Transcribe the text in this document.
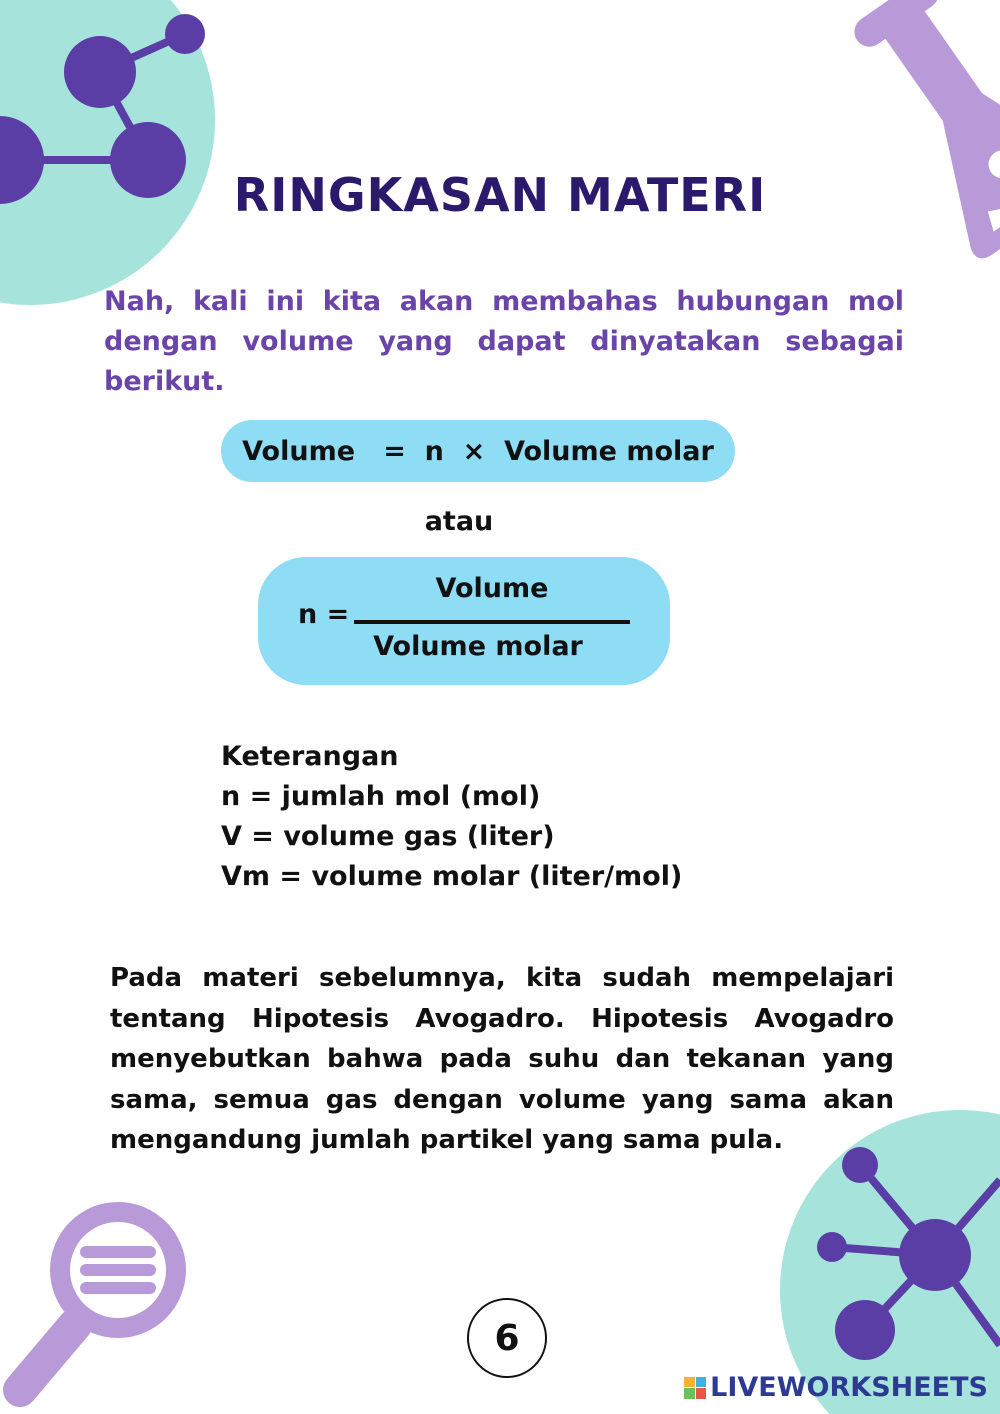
RINGKASAN MATERI
Nah, kali ini kita akan membahas hubungan mol dengan volume yang dapat dinyatakan sebagai berikut.
Volume   =  n  ×  Volume molar
atau
n =
Volume
Volume molar
Keterangan
n = jumlah mol (mol)
V = volume gas (liter)
Vm = volume molar (liter/mol)
Pada materi sebelumnya, kita sudah mempelajari tentang Hipotesis Avogadro. Hipotesis Avogadro menyebutkan bahwa pada suhu dan tekanan yang sama, semua gas dengan volume yang sama akan mengandung jumlah partikel yang sama pula.
6
LIVEWORKSHEETS
